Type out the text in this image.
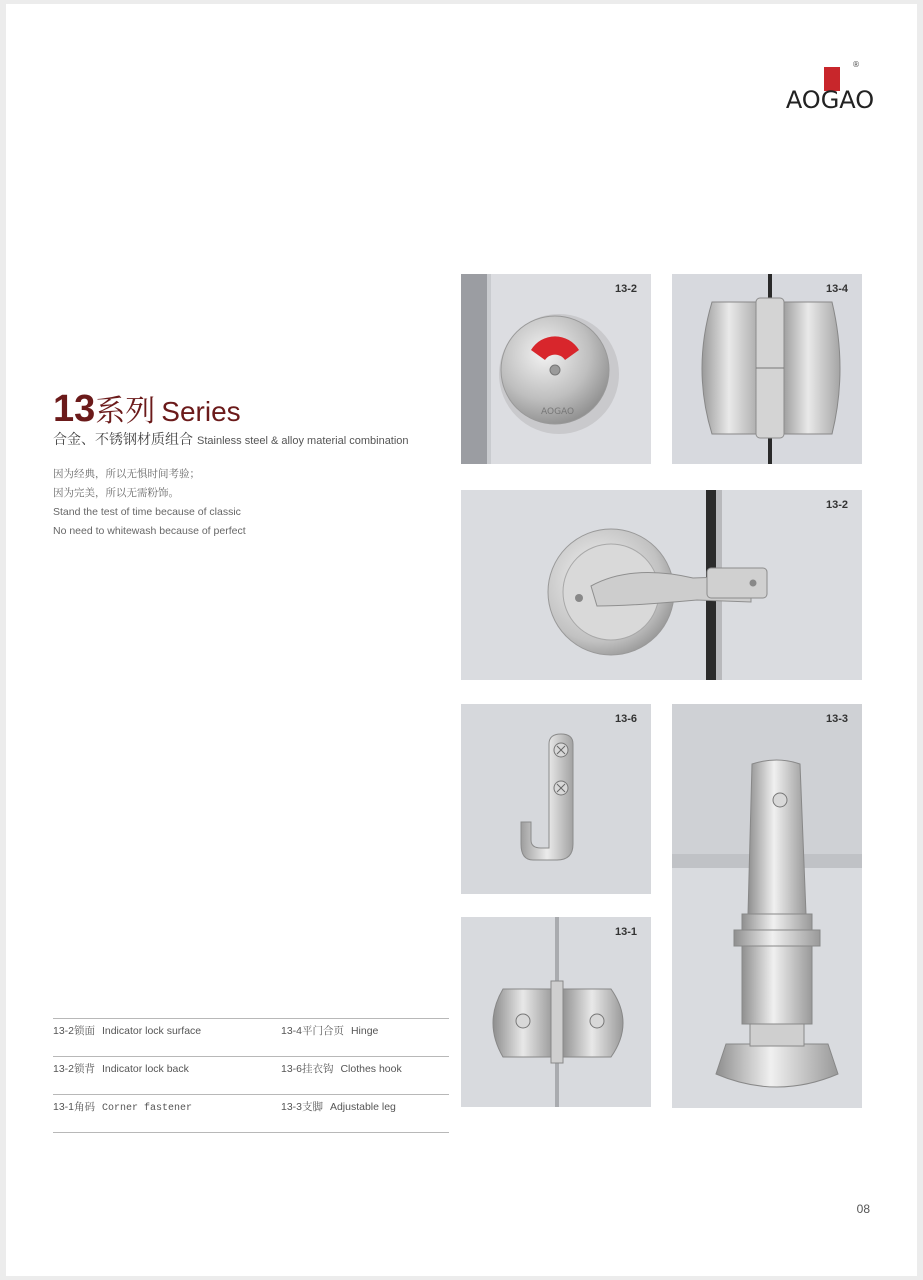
AOGAO
®
13系列 Series
合金、不锈钢材质组合 Stainless steel & alloy material combination
因为经典，所以无惧时间考验；
因为完美，所以无需粉饰。
Stand the test of time because of classic
No need to whitewash because of perfect
13-2锁面 Indicator lock surface	13-4平门合页 Hinge
13-2锁背 Indicator lock back	13-6挂衣钩 Clothes hook
13-1角码 Corner fastener	13-3支脚 Adjustable leg
AOGAO
13-2	13-4
13-2
13-6	13-3
13-1
08
